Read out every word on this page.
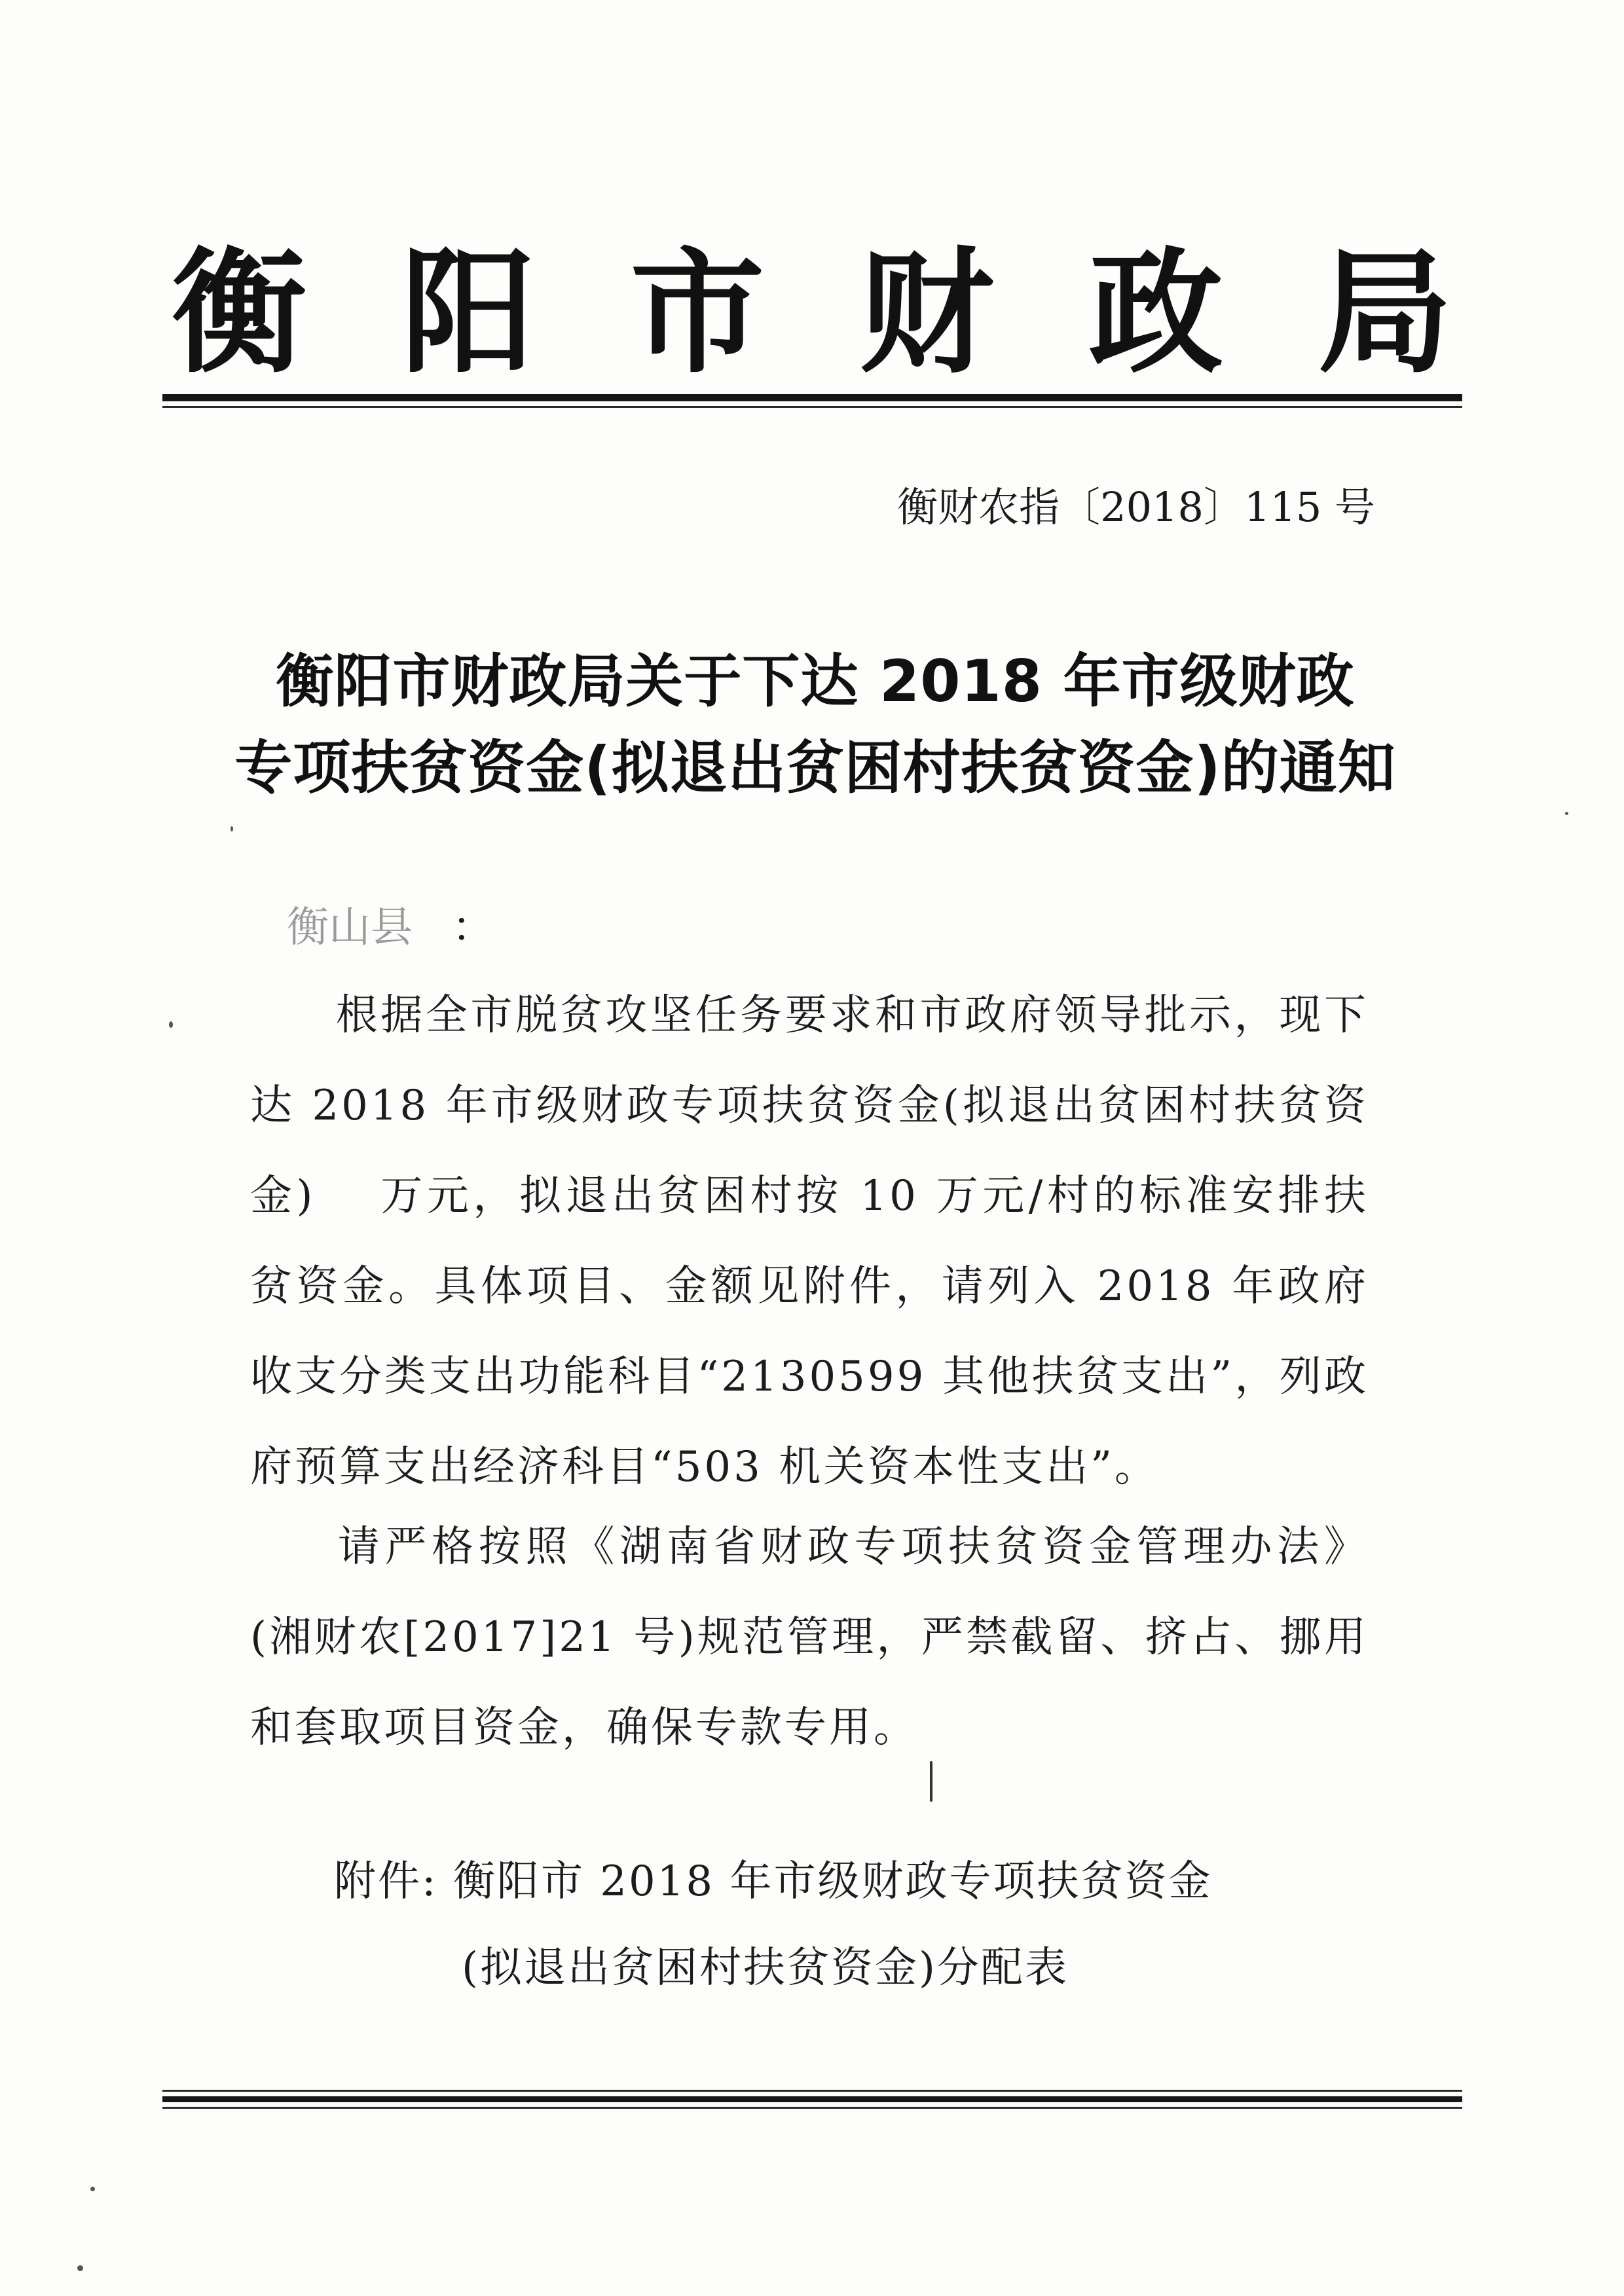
衡 阳 市 财 政 局
衡财农指〔2018〕115 号
衡阳市财政局关于下达 2018 年市级财政
专项扶贫资金(拟退出贫困村扶贫资金)的通知
衡山县 ：
根据全市脱贫攻坚任务要求和市政府领导批示，现下达 2018 年市级财政专项扶贫资金(拟退出贫困村扶贫资金)　 万元，拟退出贫困村按 10 万元/村的标准安排扶贫资金。具体项目、金额见附件，请列入 2018 年政府收支分类支出功能科目“2130599 其他扶贫支出”，列政府预算支出经济科目“503 机关资本性支出”。
请严格按照《湖南省财政专项扶贫资金管理办法》(湘财农[2017]21 号)规范管理，严禁截留、挤占、挪用和套取项目资金，确保专款专用。
附件: 衡阳市 2018 年市级财政专项扶贫资金
(拟退出贫困村扶贫资金)分配表
